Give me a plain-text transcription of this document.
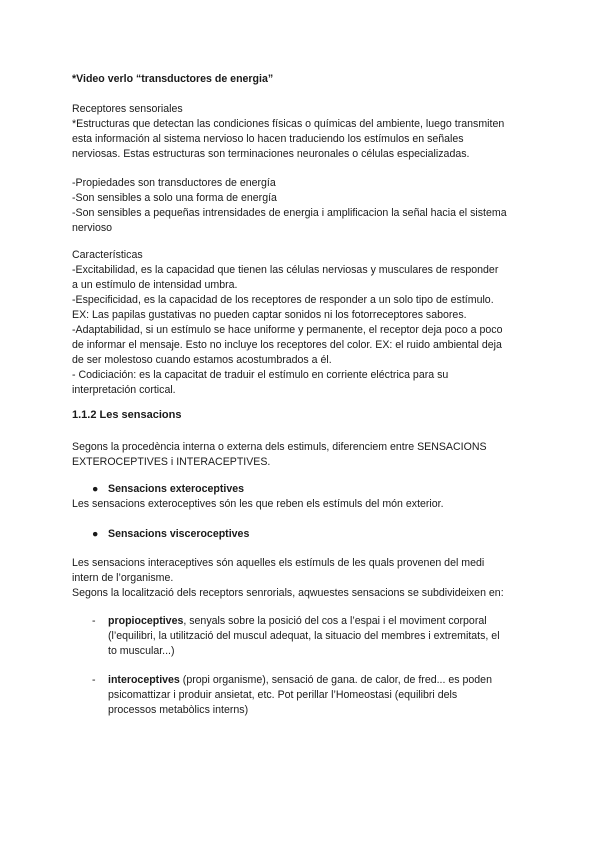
*Video verlo “transductores de energia”
Receptores sensoriales
*Estructuras que detectan las condiciones físicas o químicas del ambiente, luego transmiten
esta información al sistema nervioso lo hacen traduciendo los estímulos en señales
nerviosas. Estas estructuras son terminaciones neuronales o células especializadas.
-Propiedades son transductores de energía
-Son sensibles a solo una forma de energía
-Son sensibles a pequeñas intrensidades de energia i amplificacion la señal hacia el sistema
nervioso
Características
-Excitabilidad, es la capacidad que tienen las células nerviosas y musculares de responder
a un estímulo de intensidad umbra.
-Especificidad, es la capacidad de los receptores de responder a un solo tipo de estímulo.
EX: Las papilas gustativas no pueden captar sonidos ni los fotorreceptores sabores.
-Adaptabilidad, si un estímulo se hace uniforme y permanente, el receptor deja poco a poco
de informar el mensaje. Esto no incluye los receptores del color. EX: el ruido ambiental deja
de ser molestoso cuando estamos acostumbrados a él.
- Codiciación: es la capacitat de traduir el estímulo en corriente eléctrica para su
interpretación cortical.
1.1.2 Les sensacions
Segons la procedència interna o externa dels estimuls, diferenciem entre SENSACIONS
EXTEROCEPTIVES i INTERACEPTIVES.
● Sensacions exteroceptives
Les sensacions exteroceptives són les que reben els estímuls del món exterior.
● Sensacions visceroceptives
Les sensacions interaceptives són aquelles els estímuls de les quals provenen del medi
intern de l’organisme.
Segons la localització dels receptors senrorials, aqwuestes sensacions se subdivideixen en:
- propioceptives, senyals sobre la posició del cos a l’espai i el moviment corporal
(l’equilibri, la utilització del muscul adequat, la situacio del membres i extremitats, el
to muscular...)
- interoceptives (propi organisme), sensació de gana. de calor, de fred... es poden
psicomattizar i produir ansietat, etc. Pot perillar l’Homeostasi (equilibri dels
processos metabòlics interns)
